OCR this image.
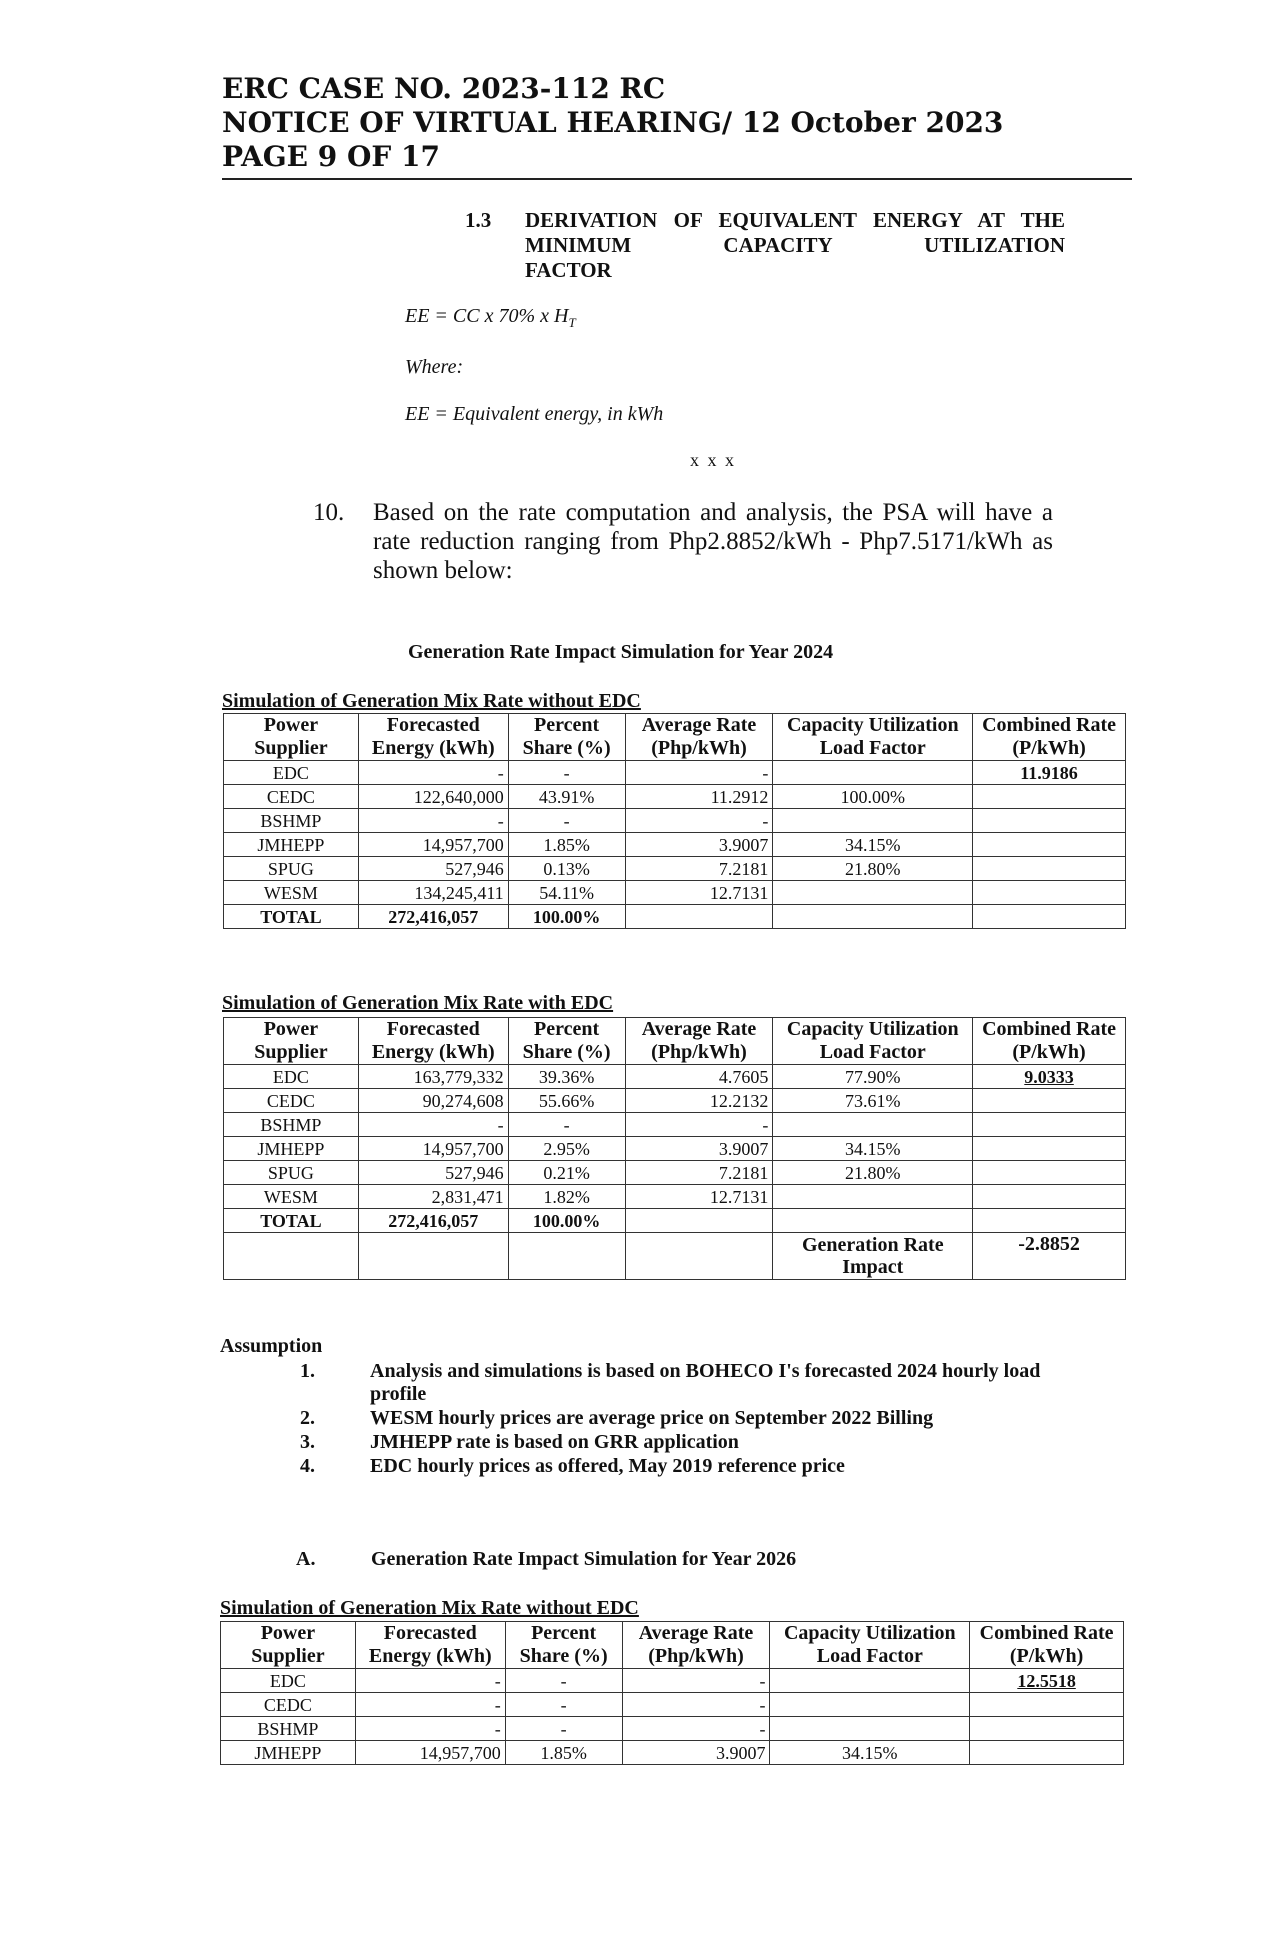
ERC CASE NO. 2023-112 RC
NOTICE OF VIRTUAL HEARING/ 12 October 2023
PAGE 9 OF 17
1.3 DERIVATION OF EQUIVALENT ENERGY AT THE MINIMUM CAPACITY UTILIZATION
FACTOR
EE = CC x 70% x $H_T$
Where:
EE = Equivalent energy, in kWh
x x x
10. Based on the rate computation and analysis, the PSA will have a rate reduction ranging from Php2.8852/kWh - Php7.5171/kWh as shown below:
Generation Rate Impact Simulation for Year 2024
Simulation of Generation Mix Rate without EDC
Power Supplier	Forecasted Energy (kWh)	Percent Share (%)	Average Rate (Php/kWh)	Capacity Utilization Load Factor	Combined Rate (P/kWh)
EDC	-	-	-		11.9186
CEDC	122,640,000	43.91%	11.2912	100.00%	
BSHMP	-	-	-		
JMHEPP	14,957,700	1.85%	3.9007	34.15%	
SPUG	527,946	0.13%	7.2181	21.80%	
WESM	134,245,411	54.11%	12.7131		
TOTAL	272,416,057	100.00%			
Simulation of Generation Mix Rate with EDC
Power Supplier	Forecasted Energy (kWh)	Percent Share (%)	Average Rate (Php/kWh)	Capacity Utilization Load Factor	Combined Rate (P/kWh)
EDC	163,779,332	39.36%	4.7605	77.90%	9.0333
CEDC	90,274,608	55.66%	12.2132	73.61%	
BSHMP	-	-	-		
JMHEPP	14,957,700	2.95%	3.9007	34.15%	
SPUG	527,946	0.21%	7.2181	21.80%	
WESM	2,831,471	1.82%	12.7131		
TOTAL	272,416,057	100.00%			
				Generation Rate Impact	-2.8852
Assumption
1.	Analysis and simulations is based on BOHECO I's forecasted 2024 hourly load profile
2.	WESM hourly prices are average price on September 2022 Billing
3.	JMHEPP rate is based on GRR application
4.	EDC hourly prices as offered, May 2019 reference price
A.	Generation Rate Impact Simulation for Year 2026
Simulation of Generation Mix Rate without EDC
Power Supplier	Forecasted Energy (kWh)	Percent Share (%)	Average Rate (Php/kWh)	Capacity Utilization Load Factor	Combined Rate (P/kWh)
EDC	-	-	-		12.5518
CEDC	-	-	-		
BSHMP	-	-	-		
JMHEPP	14,957,700	1.85%	3.9007	34.15%	
